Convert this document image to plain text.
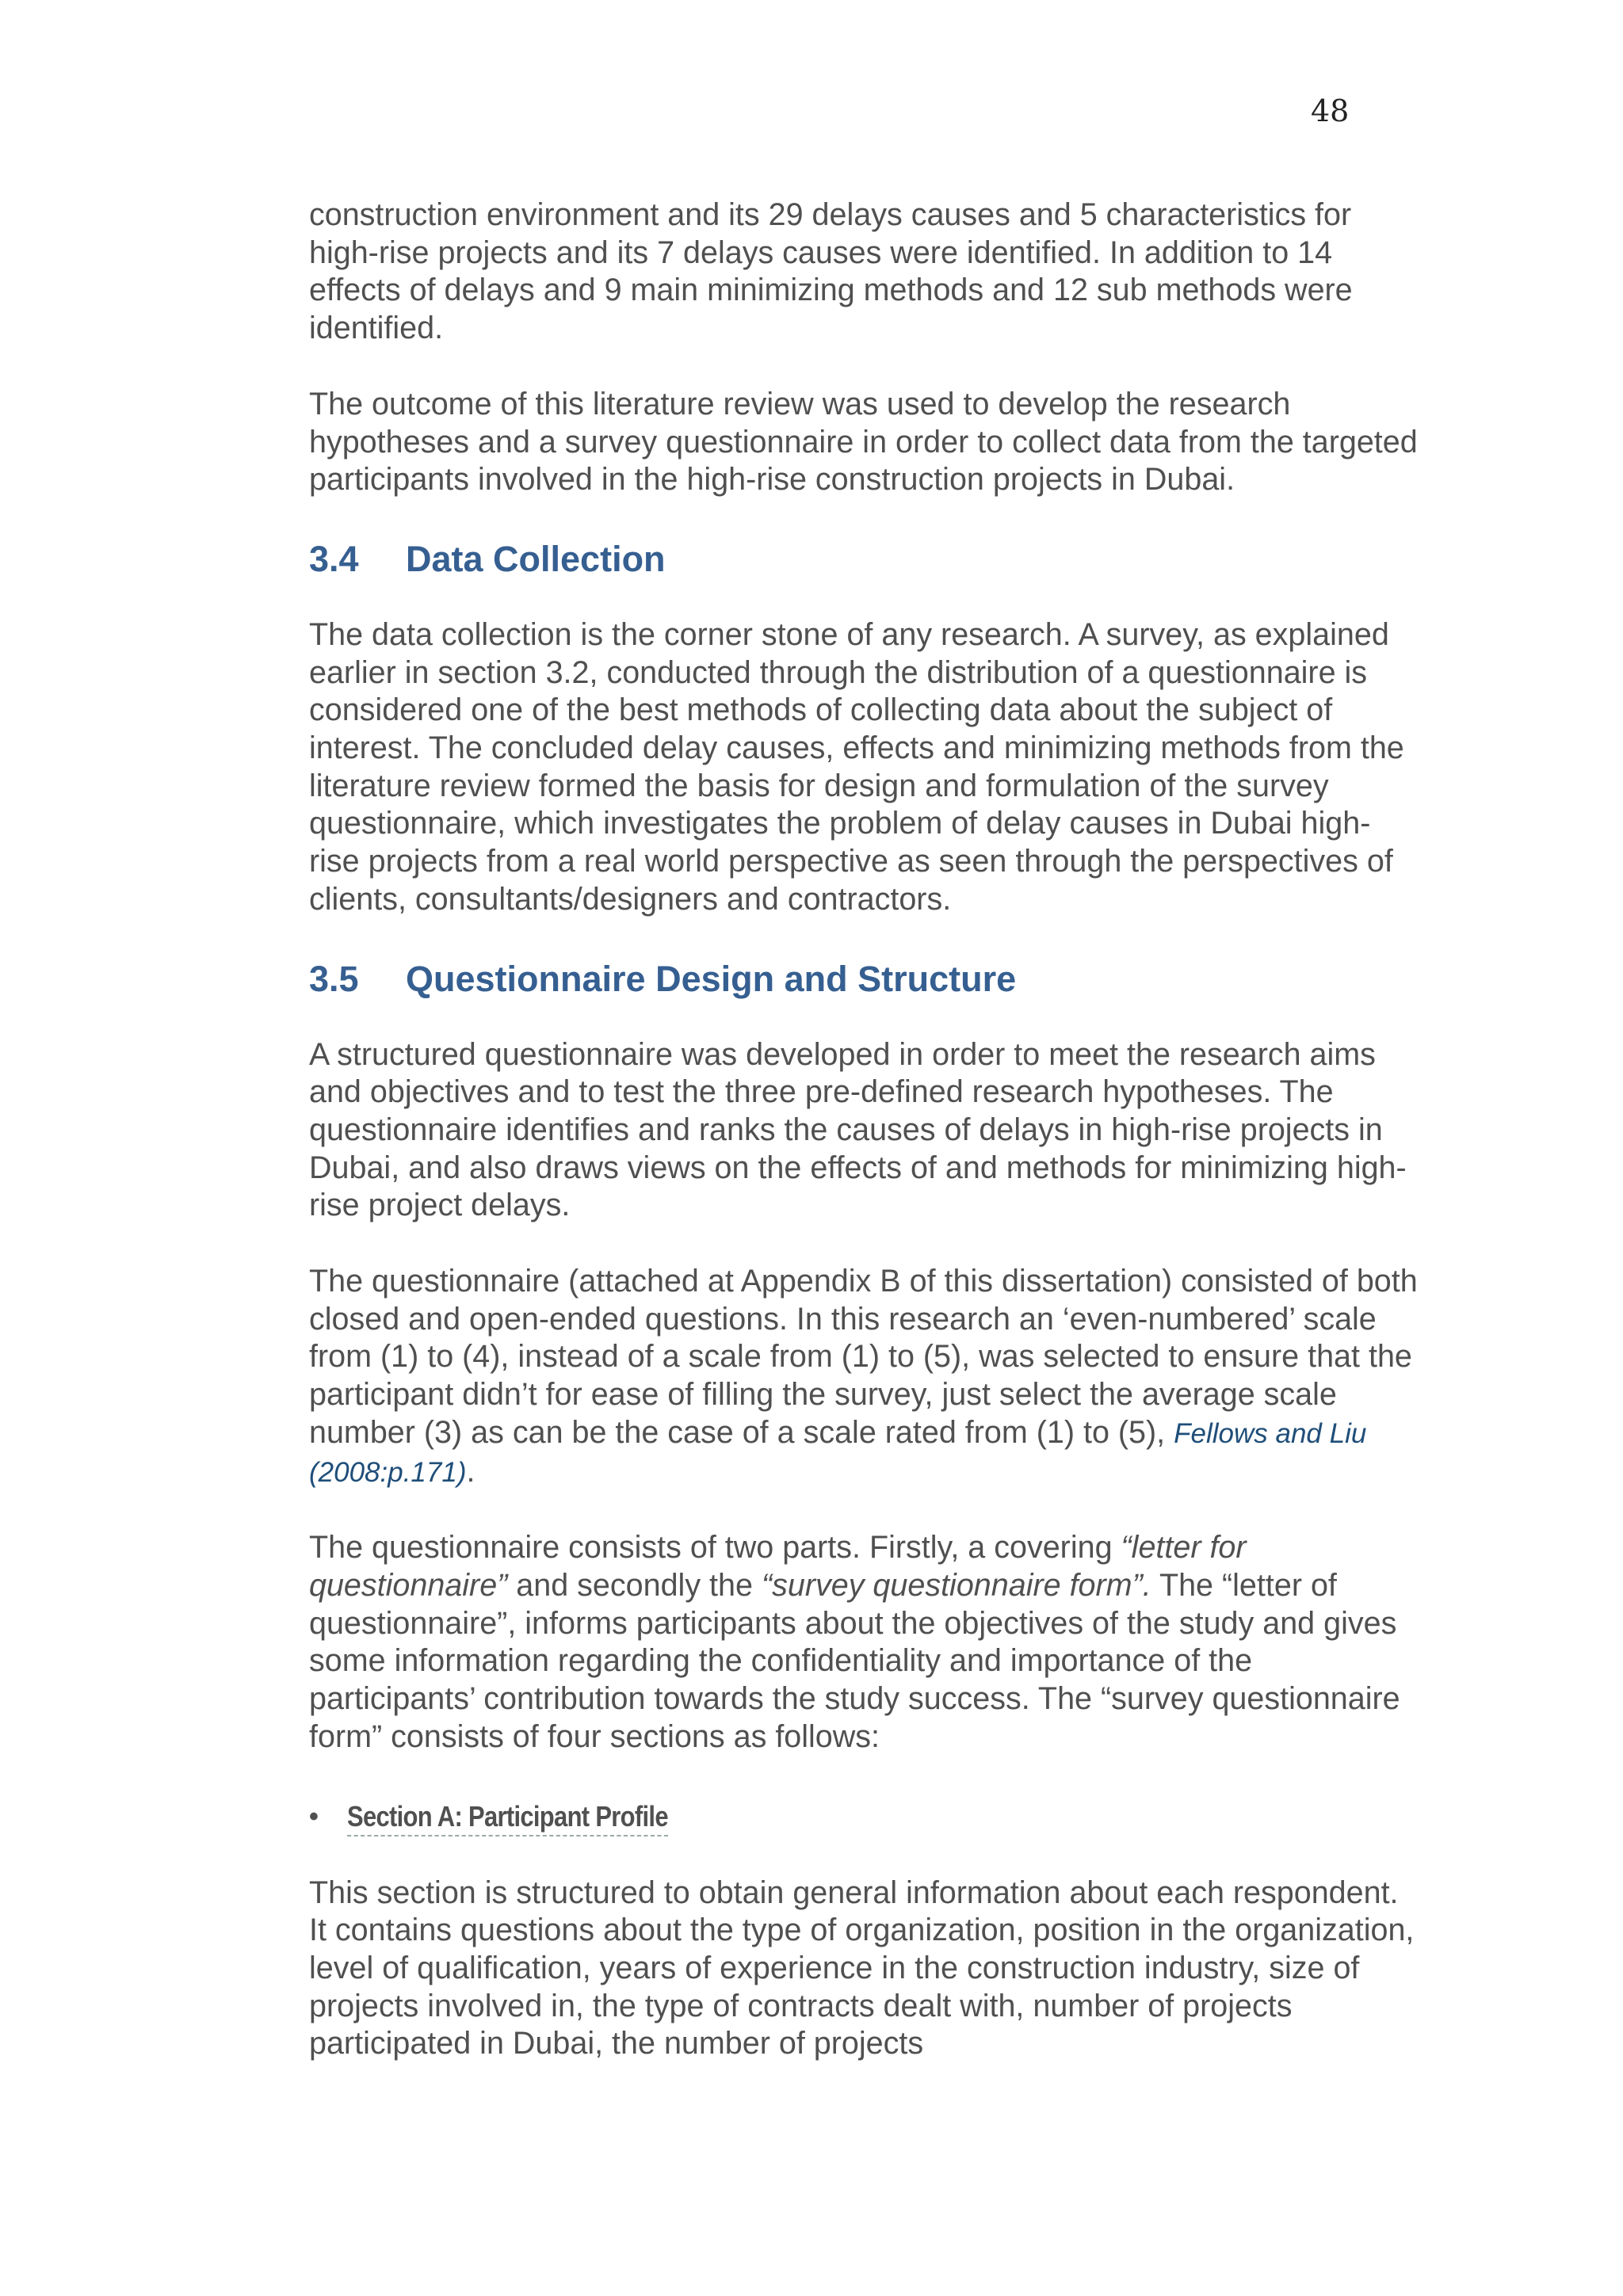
48

construction environment and its 29 delays causes and 5 characteristics for high-rise projects and its 7 delays causes were identified. In addition to 14 effects of delays and 9 main minimizing methods and 12 sub methods were identified.

The outcome of this literature review was used to develop the research hypotheses and a survey questionnaire in order to collect data from the targeted participants involved in the high-rise construction projects in Dubai.

3.4 Data Collection

The data collection is the corner stone of any research. A survey, as explained earlier in section 3.2, conducted through the distribution of a questionnaire is considered one of the best methods of collecting data about the subject of interest. The concluded delay causes, effects and minimizing methods from the literature review formed the basis for design and formulation of the survey questionnaire, which investigates the problem of delay causes in Dubai high-rise projects from a real world perspective as seen through the perspectives of clients, consultants/designers and contractors.

3.5 Questionnaire Design and Structure

A structured questionnaire was developed in order to meet the research aims and objectives and to test the three pre-defined research hypotheses. The questionnaire identifies and ranks the causes of delays in high-rise projects in Dubai, and also draws views on the effects of and methods for minimizing high-rise project delays.

The questionnaire (attached at Appendix B of this dissertation) consisted of both closed and open-ended questions. In this research an ‘even-numbered’ scale from (1) to (4), instead of a scale from (1) to (5), was selected to ensure that the participant didn’t for ease of filling the survey, just select the average scale number (3) as can be the case of a scale rated from (1) to (5), Fellows and Liu (2008:p.171).

The questionnaire consists of two parts. Firstly, a covering “letter for questionnaire” and secondly the “survey questionnaire form”. The “letter of questionnaire”, informs participants about the objectives of the study and gives some information regarding the confidentiality and importance of the participants’ contribution towards the study success. The “survey questionnaire form” consists of four sections as follows:

•	Section A: Participant Profile

This section is structured to obtain general information about each respondent. It contains questions about the type of organization, position in the organization, level of qualification, years of experience in the construction industry, size of projects involved in, the type of contracts dealt with, number of projects participated in Dubai, the number of projects
